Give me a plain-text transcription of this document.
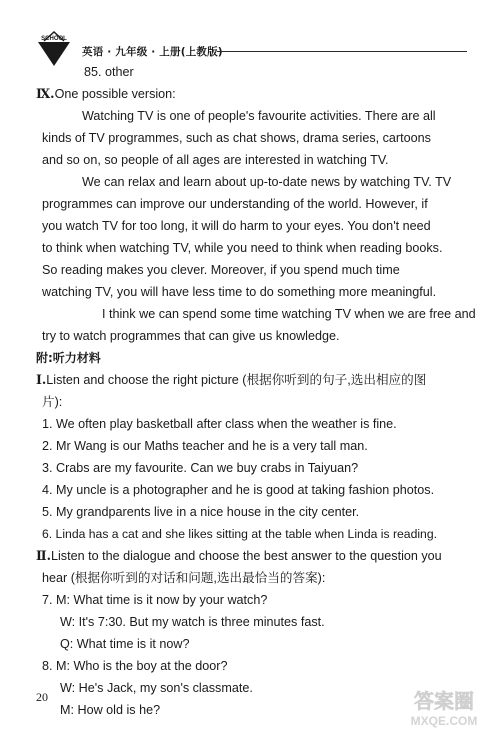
SCHOOL
英语 · 九年级 · 上册(上教版)
85. other
Ⅸ.One possible version:
Watching TV is one of people's favourite activities. There are all
kinds of TV programmes, such as chat shows, drama series, cartoons
and so on, so people of all ages are interested in watching TV.
We can relax and learn about up-to-date news by watching TV. TV
programmes can improve our understanding of the world. However, if
you watch TV for too long, it will do harm to your eyes. You don't need
to think when watching TV, while you need to think when reading books.
So reading makes you clever. Moreover, if you spend much time
watching TV, you will have less time to do something more meaningful.
I think we can spend some time watching TV when we are free and
try to watch programmes that can give us knowledge.
附:听力材料
Ⅰ.Listen and choose the right picture (根据你听到的句子,选出相应的图
片):
1. We often play basketball after class when the weather is fine.
2. Mr Wang is our Maths teacher and he is a very tall man.
3. Crabs are my favourite. Can we buy crabs in Taiyuan?
4. My uncle is a photographer and he is good at taking fashion photos.
5. My grandparents live in a nice house in the city center.
6. Linda has a cat and she likes sitting at the table when Linda is reading.
Ⅱ.Listen to the dialogue and choose the best answer to the question you
hear (根据你听到的对话和问题,选出最恰当的答案):
7. M: What time is it now by your watch?
W: It's 7:30. But my watch is three minutes fast.
Q: What time is it now?
8. M: Who is the boy at the door?
W: He's Jack, my son's classmate.
M: How old is he?
20	答案圈
MXQE.COM
